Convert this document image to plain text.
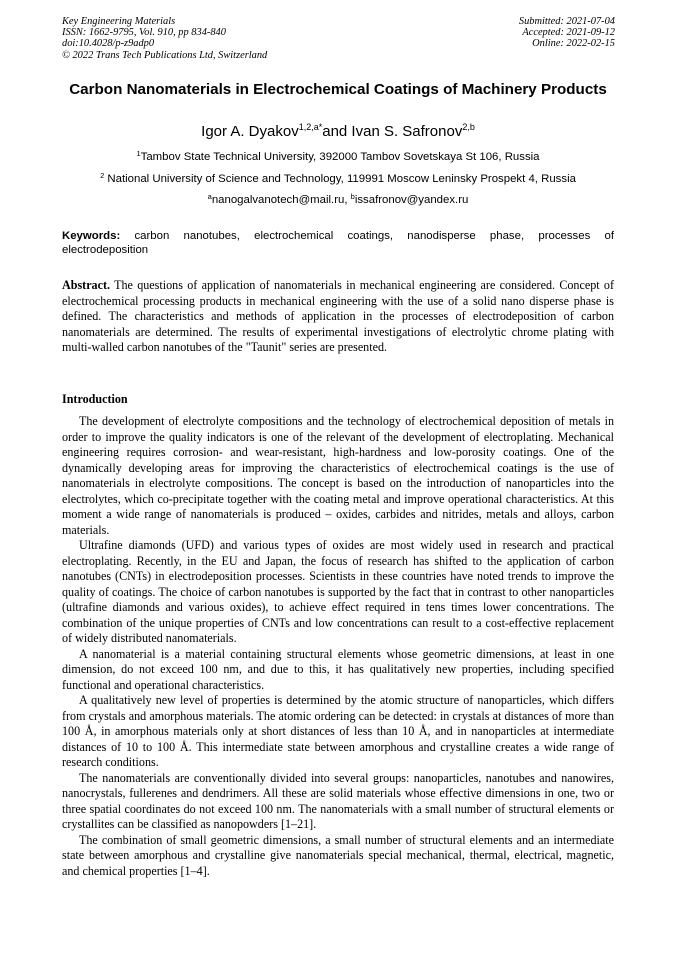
Key Engineering Materials
ISSN: 1662-9795, Vol. 910, pp 834-840
doi:10.4028/p-z9adp0
© 2022 Trans Tech Publications Ltd, Switzerland
Submitted: 2021-07-04
Accepted: 2021-09-12
Online: 2022-02-15
Carbon Nanomaterials in Electrochemical Coatings of Machinery Products
Igor A. Dyakov$^{1,2,a*}$and Ivan S. Safronov$^{2,b}$
$^1$Tambov State Technical University, 392000 Tambov Sovetskaya St 106, Russia
$^2$ National University of Science and Technology, 119991 Moscow Leninsky Prospekt 4, Russia
$^a$nanogalvanotech@mail.ru, $^b$issafronov@yandex.ru
Keywords: carbon nanotubes, electrochemical coatings, nanodisperse phase, processes of electrodeposition
Abstract. The questions of application of nanomaterials in mechanical engineering are considered. Concept of electrochemical processing products in mechanical engineering with the use of a solid nano disperse phase is defined. The characteristics and methods of application in the processes of electrodeposition of carbon nanomaterials are determined. The results of experimental investigations of electrolytic chrome plating with multi-walled carbon nanotubes of the "Taunit" series are presented.
Introduction

The development of electrolyte compositions and the technology of electrochemical deposition of metals in order to improve the quality indicators is one of the relevant of the development of electroplating. Mechanical engineering requires corrosion- and wear-resistant, high-hardness and low-porosity coatings. One of the dynamically developing areas for improving the characteristics of electrochemical coatings is the use of nanomaterials in electrolyte compositions. The concept is based on the introduction of nanoparticles into the electrolytes, which co-precipitate together with the coating metal and improve operational characteristics. At this moment a wide range of nanomaterials is produced – oxides, carbides and nitrides, metals and alloys, carbon materials.

Ultrafine diamonds (UFD) and various types of oxides are most widely used in research and practical electroplating. Recently, in the EU and Japan, the focus of research has shifted to the application of carbon nanotubes (CNTs) in electrodeposition processes. Scientists in these countries have noted trends to improve the quality of coatings. The choice of carbon nanotubes is supported by the fact that in contrast to other nanoparticles (ultrafine diamonds and various oxides), to achieve effect required in tens times lower concentrations. The combination of the unique properties of CNTs and low concentrations can result to a cost-effective replacement of widely distributed nanomaterials.

A nanomaterial is a material containing structural elements whose geometric dimensions, at least in one dimension, do not exceed 100 nm, and due to this, it has qualitatively new properties, including specified functional and operational characteristics.

A qualitatively new level of properties is determined by the atomic structure of nanoparticles, which differs from crystals and amorphous materials. The atomic ordering can be detected: in crystals at distances of more than 100 Å, in amorphous materials only at short distances of less than 10 Å, and in nanoparticles at intermediate distances of 10 to 100 Å. This intermediate state between amorphous and crystalline creates a wide range of research conditions.

The nanomaterials are conventionally divided into several groups: nanoparticles, nanotubes and nanowires, nanocrystals, fullerenes and dendrimers. All these are solid materials whose effective dimensions in one, two or three spatial coordinates do not exceed 100 nm. The nanomaterials with a small number of structural elements or crystallites can be classified as nanopowders [1–21].

The combination of small geometric dimensions, a small number of structural elements and an intermediate state between amorphous and crystalline give nanomaterials special mechanical, thermal, electrical, magnetic, and chemical properties [1–4].
